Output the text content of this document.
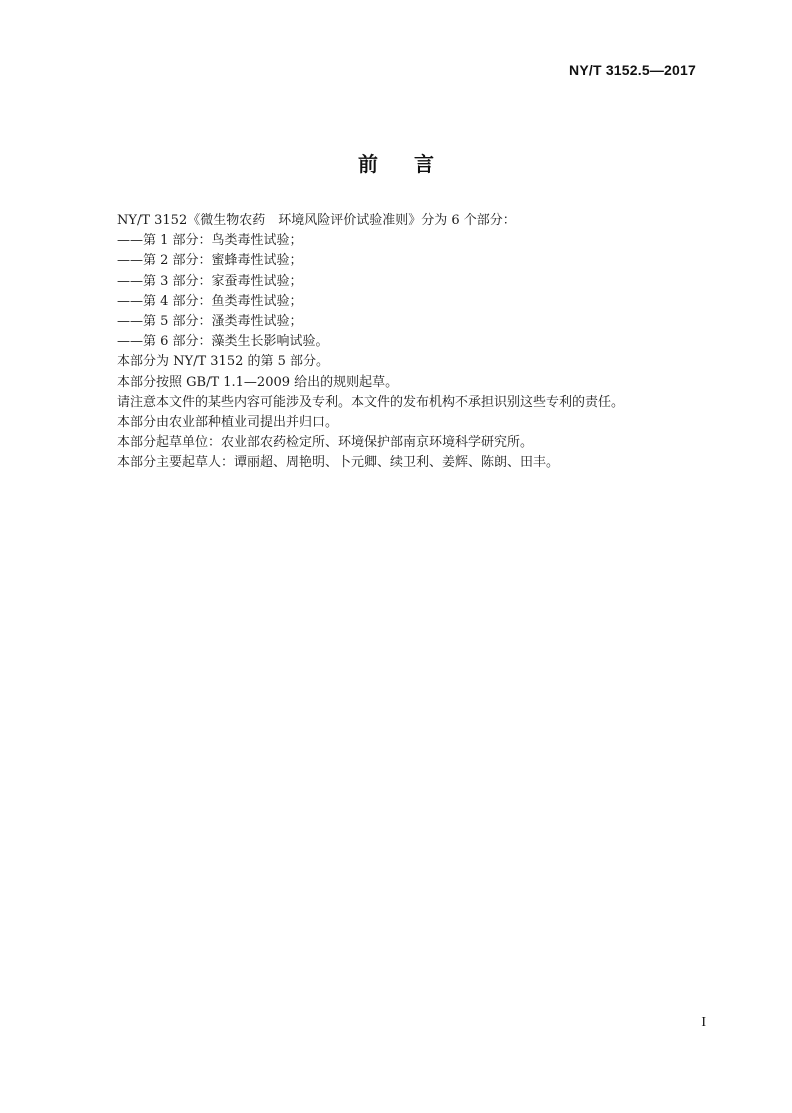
NY/T 3152.5—2017
前言
NY/T 3152《微生物农药　环境风险评价试验准则》分为 6 个部分：
——第 1 部分：鸟类毒性试验；
——第 2 部分：蜜蜂毒性试验；
——第 3 部分：家蚕毒性试验；
——第 4 部分：鱼类毒性试验；
——第 5 部分：溞类毒性试验；
——第 6 部分：藻类生长影响试验。
本部分为 NY/T 3152 的第 5 部分。
本部分按照 GB/T 1.1—2009 给出的规则起草。
请注意本文件的某些内容可能涉及专利。本文件的发布机构不承担识别这些专利的责任。
本部分由农业部种植业司提出并归口。
本部分起草单位：农业部农药检定所、环境保护部南京环境科学研究所。
本部分主要起草人：谭丽超、周艳明、卜元卿、续卫利、姜辉、陈朗、田丰。
I
